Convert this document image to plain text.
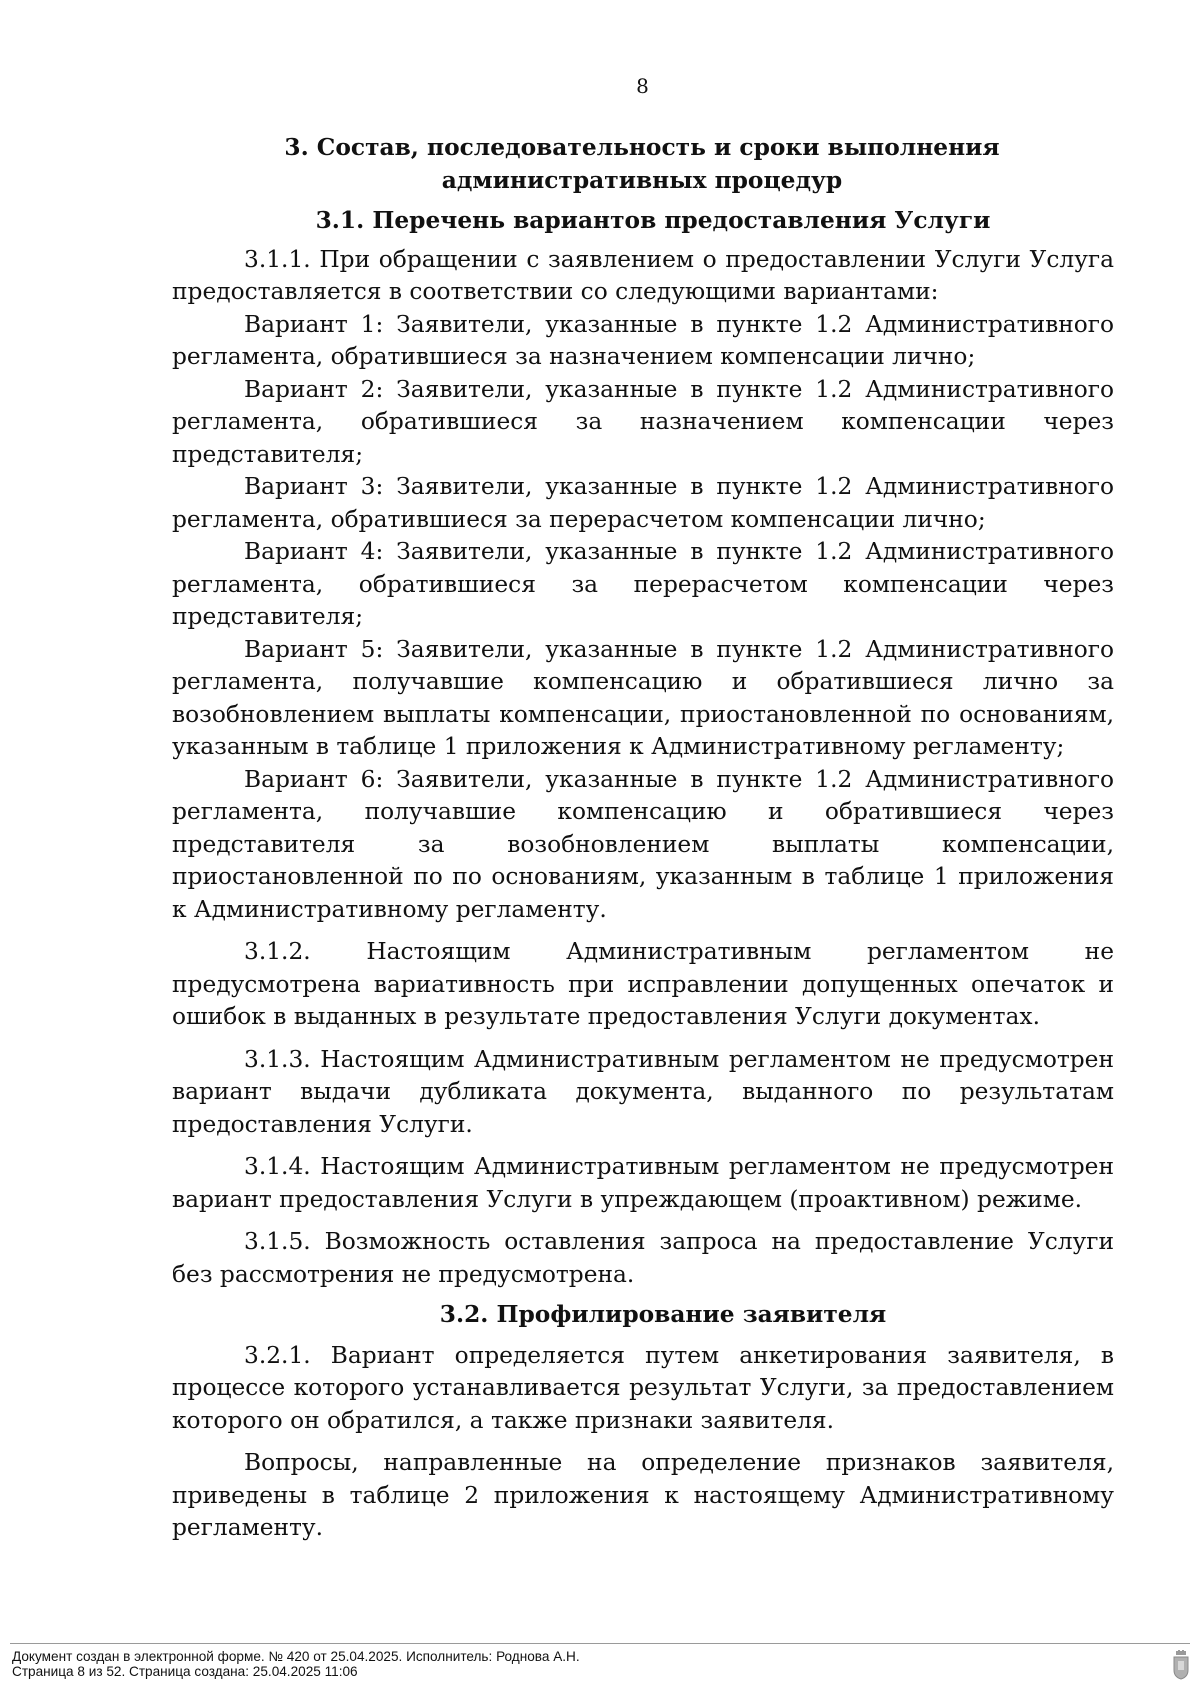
8

3. Состав, последовательность и сроки выполнения административных процедур

3.1. Перечень вариантов предоставления Услуги

3.1.1. При обращении с заявлением о предоставлении Услуги Услуга предоставляется в соответствии со следующими вариантами:

Вариант 1: Заявители, указанные в пункте 1.2 Административного регламента, обратившиеся за назначением компенсации лично;

Вариант 2: Заявители, указанные в пункте 1.2 Административного регламента, обратившиеся за назначением компенсации через представителя;

Вариант 3: Заявители, указанные в пункте 1.2 Административного регламента, обратившиеся за перерасчетом компенсации лично;

Вариант 4: Заявители, указанные в пункте 1.2 Административного регламента, обратившиеся за перерасчетом компенсации через представителя;

Вариант 5: Заявители, указанные в пункте 1.2 Административного регламента, получавшие компенсацию и обратившиеся лично за возобновлением выплаты компенсации, приостановленной по основаниям, указанным в таблице 1 приложения к Административному регламенту;

Вариант 6: Заявители, указанные в пункте 1.2 Административного регламента, получавшие компенсацию и обратившиеся через представителя за возобновлением выплаты компенсации, приостановленной по по основаниям, указанным в таблице 1 приложения к Административному регламенту.

3.1.2. Настоящим Административным регламентом не предусмотрена вариативность при исправлении допущенных опечаток и ошибок в выданных в результате предоставления Услуги документах.

3.1.3. Настоящим Административным регламентом не предусмотрен вариант выдачи дубликата документа, выданного по результатам предоставления Услуги.

3.1.4. Настоящим Административным регламентом не предусмотрен вариант предоставления Услуги в упреждающем (проактивном) режиме.

3.1.5. Возможность оставления запроса на предоставление Услуги без рассмотрения не предусмотрена.

3.2. Профилирование заявителя

3.2.1. Вариант определяется путем анкетирования заявителя, в процессе которого устанавливается результат Услуги, за предоставлением которого он обратился, а также признаки заявителя.

Вопросы, направленные на определение признаков заявителя, приведены в таблице 2 приложения к настоящему Административному регламенту.

Документ создан в электронной форме. № 420 от 25.04.2025. Исполнитель: Роднова А.Н.
Страница 8 из 52. Страница создана: 25.04.2025 11:06
